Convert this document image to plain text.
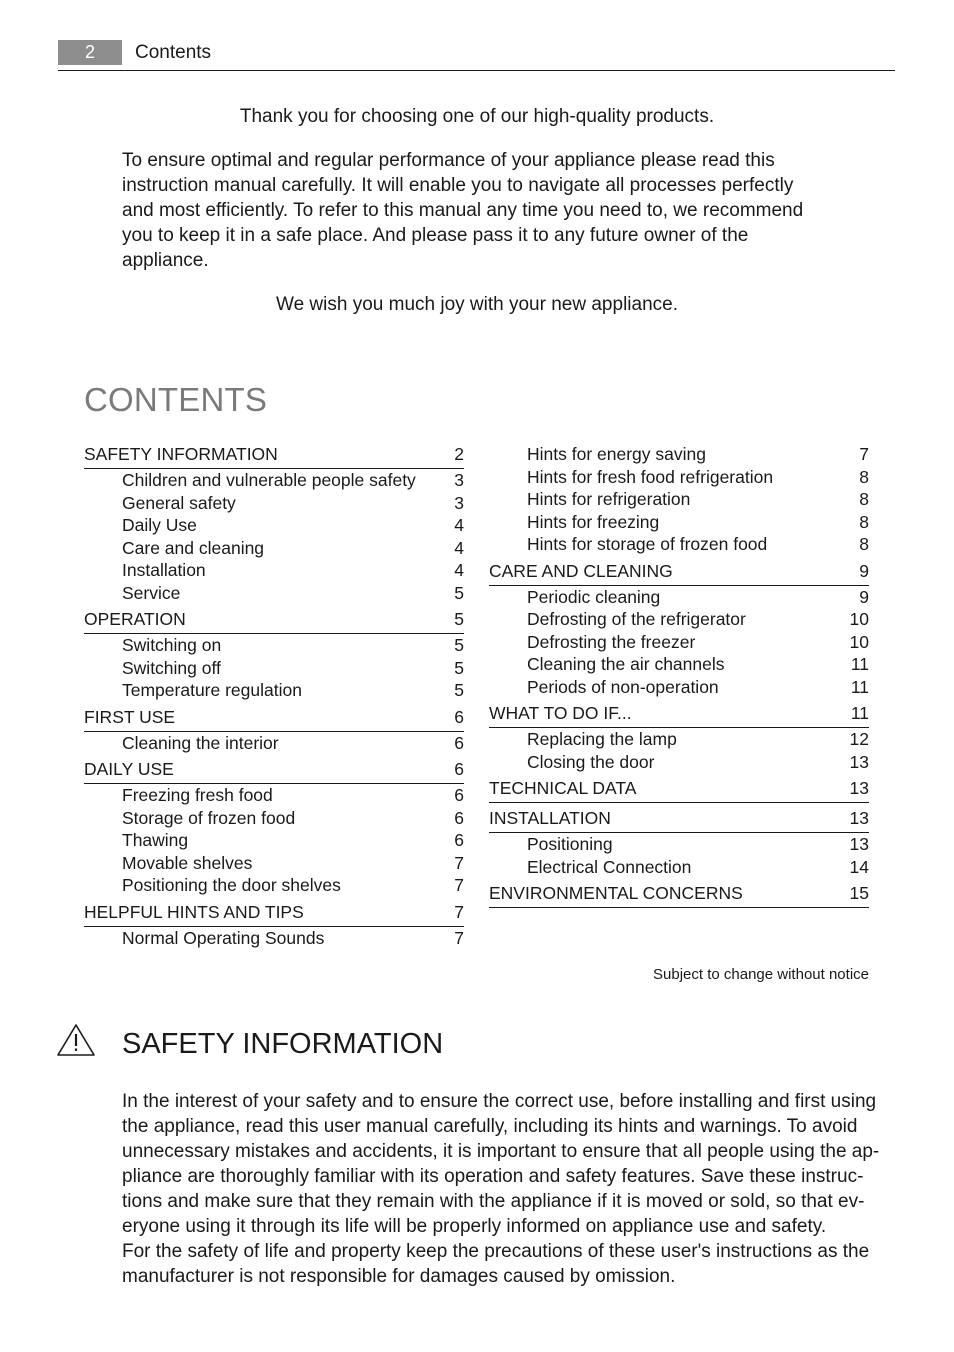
2	Contents
Thank you for choosing one of our high-quality products.
To ensure optimal and regular performance of your appliance please read this instruction manual carefully. It will enable you to navigate all processes perfectly and most efficiently. To refer to this manual any time you need to, we recommend you to keep it in a safe place. And please pass it to any future owner of the appliance.
We wish you much joy with your new appliance.
CONTENTS
SAFETY INFORMATION	2
Children and vulnerable people safety 3
General safety	3
Daily Use	4
Care and cleaning	4
Installation	4
Service	5
OPERATION	5
Switching on	5
Switching off	5
Temperature regulation	5
FIRST USE	6
Cleaning the interior	6
DAILY USE	6
Freezing fresh food	6
Storage of frozen food	6
Thawing	6
Movable shelves	7
Positioning the door shelves	7
HELPFUL HINTS AND TIPS	7
Normal Operating Sounds	7
Hints for energy saving	7
Hints for fresh food refrigeration	8
Hints for refrigeration	8
Hints for freezing	8
Hints for storage of frozen food	8
CARE AND CLEANING	9
Periodic cleaning	9
Defrosting of the refrigerator	10
Defrosting the freezer	10
Cleaning the air channels	11
Periods of non-operation	11
WHAT TO DO IF...	11
Replacing the lamp	12
Closing the door	13
TECHNICAL DATA	13
INSTALLATION	13
Positioning	13
Electrical Connection	14
ENVIRONMENTAL CONCERNS	15
Subject to change without notice
SAFETY INFORMATION
In the interest of your safety and to ensure the correct use, before installing and first using the appliance, read this user manual carefully, including its hints and warnings. To avoid unnecessary mistakes and accidents, it is important to ensure that all people using the ap- pliance are thoroughly familiar with its operation and safety features. Save these instruc- tions and make sure that they remain with the appliance if it is moved or sold, so that ev- eryone using it through its life will be properly informed on appliance use and safety.
For the safety of life and property keep the precautions of these user's instructions as the manufacturer is not responsible for damages caused by omission.
